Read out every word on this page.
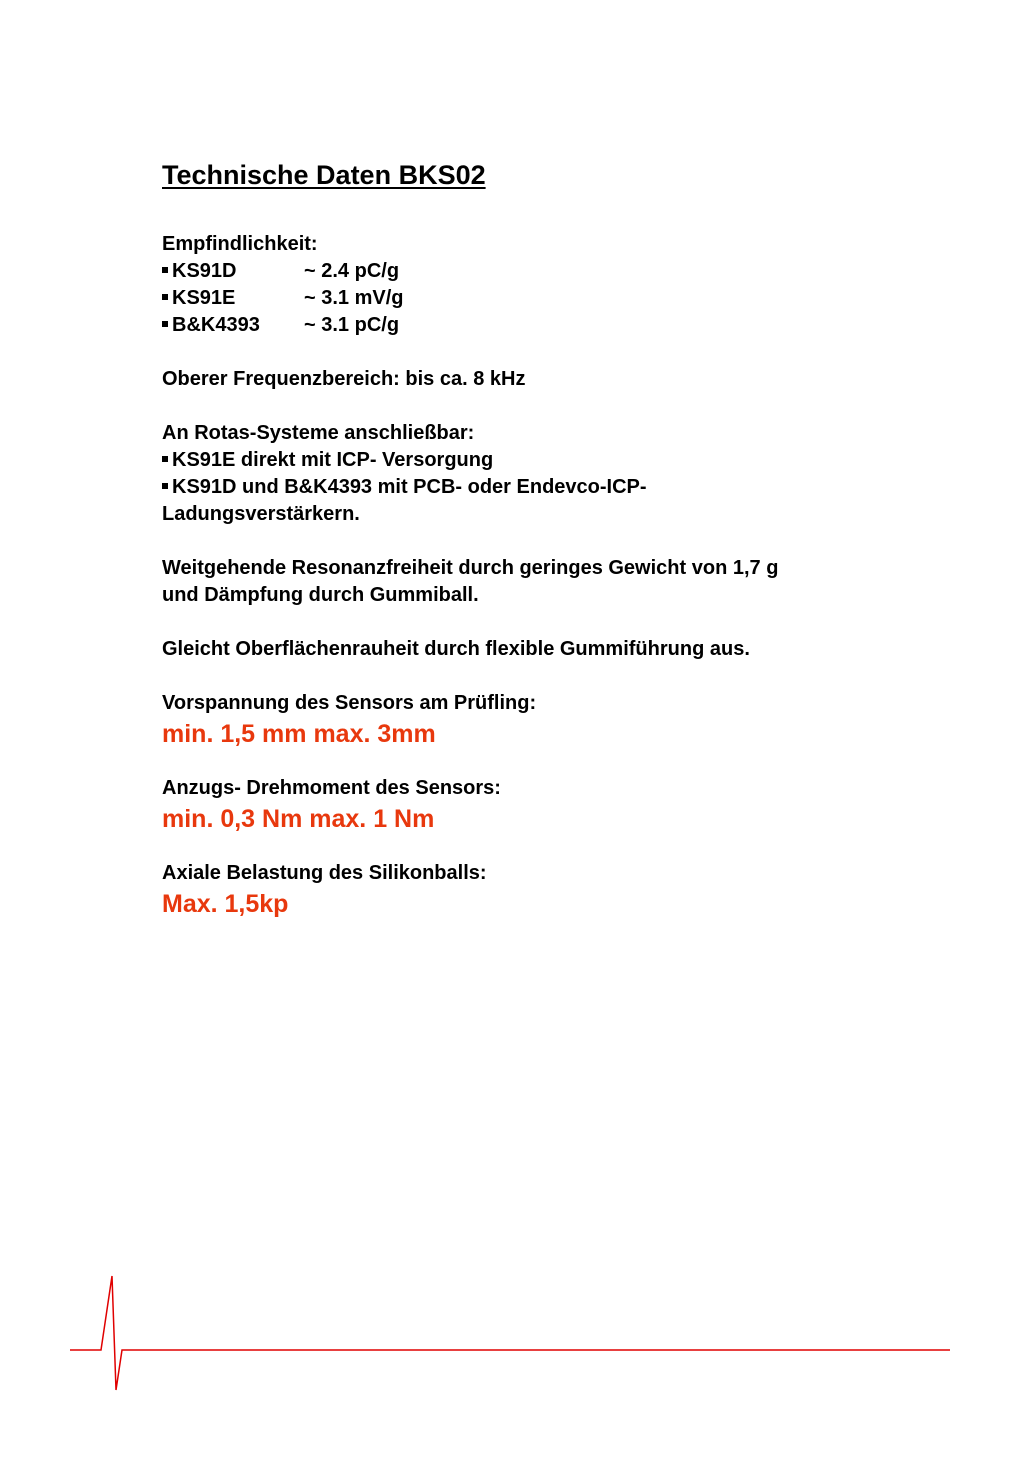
Technische Daten BKS02
Empfindlichkeit:
KS91D	~ 2.4 pC/g
KS91E	~ 3.1 mV/g
B&K4393 ~ 3.1 pC/g
Oberer Frequenzbereich: bis ca. 8 kHz
An Rotas-Systeme anschließbar:
KS91E direkt mit ICP- Versorgung
KS91D und B&K4393 mit PCB- oder Endevco-ICP-
Ladungsverstärkern.
Weitgehende Resonanzfreiheit durch geringes Gewicht von 1,7 g
und Dämpfung durch Gummiball.
Gleicht Oberflächenrauheit durch flexible Gummiführung aus.
Vorspannung des Sensors am Prüfling:
min. 1,5 mm max. 3mm
Anzugs- Drehmoment des Sensors:
min. 0,3 Nm max. 1 Nm
Axiale Belastung des Silikonballs:
Max. 1,5kp
